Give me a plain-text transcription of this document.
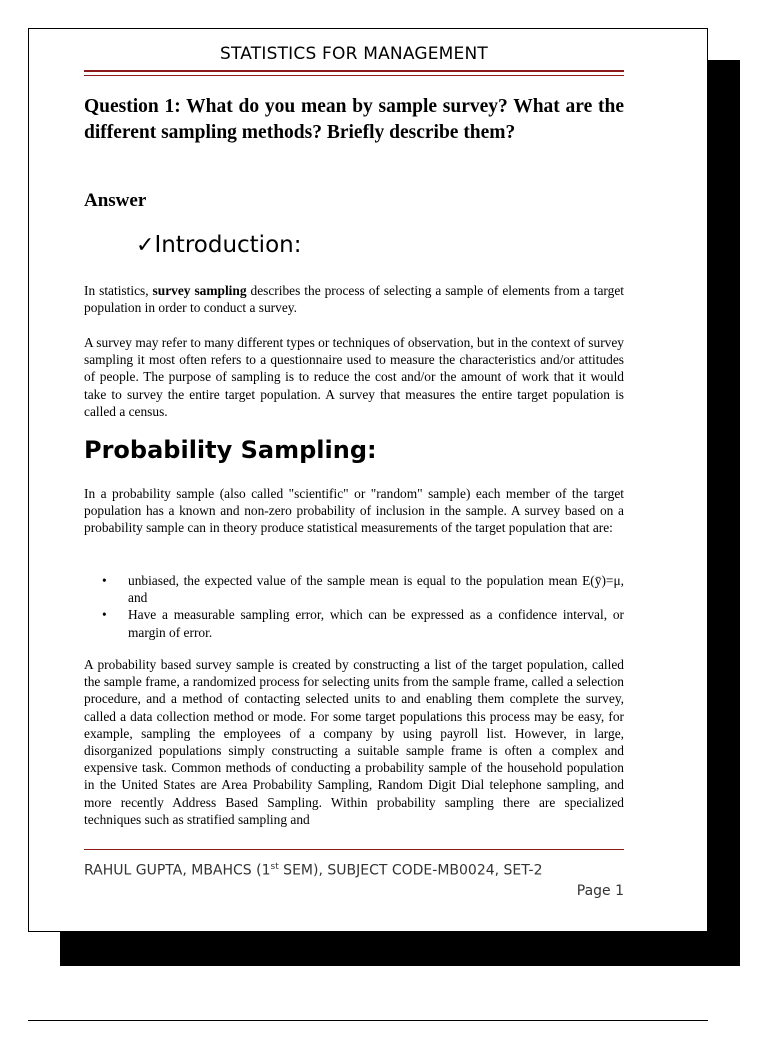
STATISTICS FOR MANAGEMENT
Question 1: What do you mean by sample survey? What are the different sampling methods? Briefly describe them?
Answer
✓Introduction:

In statistics, survey sampling describes the process of selecting a sample of elements from a target population in order to conduct a survey.

A survey may refer to many different types or techniques of observation, but in the context of survey sampling it most often refers to a questionnaire used to measure the characteristics and/or attitudes of people. The purpose of sampling is to reduce the cost and/or the amount of work that it would take to survey the entire target population. A survey that measures the entire target population is called a census.

Probability Sampling:

In a probability sample (also called "scientific" or "random" sample) each member of the target population has a known and non-zero probability of inclusion in the sample. A survey based on a probability sample can in theory produce statistical measurements of the target population that are:

• unbiased, the expected value of the sample mean is equal to the population mean E(ȳ)=μ, and
• Have a measurable sampling error, which can be expressed as a confidence interval, or margin of error.

A probability based survey sample is created by constructing a list of the target population, called the sample frame, a randomized process for selecting units from the sample frame, called a selection procedure, and a method of contacting selected units to and enabling them complete the survey, called a data collection method or mode. For some target populations this process may be easy, for example, sampling the employees of a company by using payroll list. However, in large, disorganized populations simply constructing a suitable sample frame is often a complex and expensive task. Common methods of conducting a probability sample of the household population in the United States are Area Probability Sampling, Random Digit Dial telephone sampling, and more recently Address Based Sampling. Within probability sampling there are specialized techniques such as stratified sampling and

RAHUL GUPTA, MBAHCS (1st SEM), SUBJECT CODE-MB0024, SET-2
Page 1
